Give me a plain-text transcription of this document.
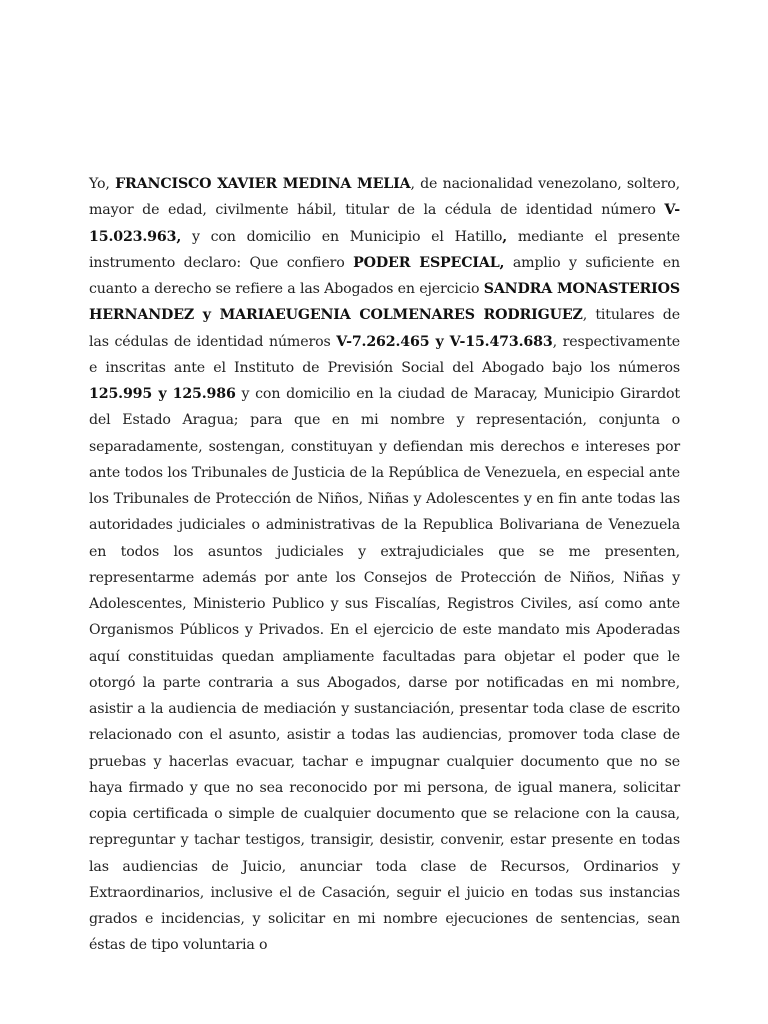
Yo, FRANCISCO XAVIER MEDINA MELIA, de nacionalidad venezolano, soltero, mayor de edad, civilmente hábil, titular de la cédula de identidad número V-15.023.963, y con domicilio en Municipio el Hatillo, mediante el presente instrumento declaro: Que confiero PODER ESPECIAL, amplio y suficiente en cuanto a derecho se refiere a las Abogados en ejercicio SANDRA MONASTERIOS HERNANDEZ y MARIAEUGENIA COLMENARES RODRIGUEZ, titulares de las cédulas de identidad números V-7.262.465 y V-15.473.683, respectivamente e inscritas ante el Instituto de Previsión Social del Abogado bajo los números 125.995 y 125.986 y con domicilio en la ciudad de Maracay, Municipio Girardot del Estado Aragua; para que en mi nombre y representación, conjunta o separadamente, sostengan, constituyan y defiendan mis derechos e intereses por ante todos los Tribunales de Justicia de la República de Venezuela, en especial ante los Tribunales de Protección de Niños, Niñas y Adolescentes y en fin ante todas las autoridades judiciales o administrativas de la Republica Bolivariana de Venezuela en todos los asuntos judiciales y extrajudiciales que se me presenten, representarme además por ante los Consejos de Protección de Niños, Niñas y Adolescentes, Ministerio Publico y sus Fiscalías, Registros Civiles, así como ante Organismos Públicos y Privados. En el ejercicio de este mandato mis Apoderadas aquí constituidas quedan ampliamente facultadas para objetar el poder que le otorgó la parte contraria a sus Abogados, darse por notificadas en mi nombre, asistir a la audiencia de mediación y sustanciación, presentar toda clase de escrito relacionado con el asunto, asistir a todas las audiencias, promover toda clase de pruebas y hacerlas evacuar, tachar e impugnar cualquier documento que no se haya firmado y que no sea reconocido por mi persona, de igual manera, solicitar copia certificada o simple de cualquier documento que se relacione con la causa, repreguntar y tachar testigos, transigir, desistir, convenir, estar presente en todas las audiencias de Juicio, anunciar toda clase de Recursos, Ordinarios y Extraordinarios, inclusive el de Casación, seguir el juicio en todas sus instancias grados e incidencias, y solicitar en mi nombre ejecuciones de sentencias, sean éstas de tipo voluntaria o
